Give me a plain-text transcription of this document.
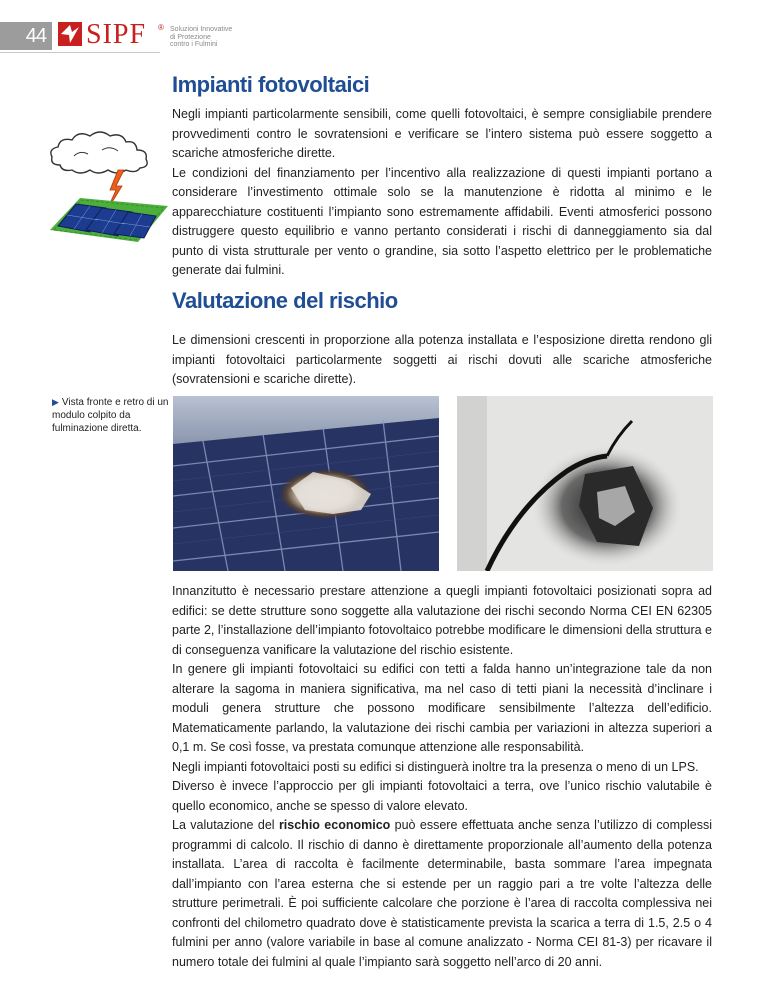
44 SIPF ® Soluzioni Innovative
di Protezione
contro i Fulmini
Impianti fotovoltaici

Negli impianti particolarmente sensibili, come quelli fotovoltaici, è sempre consigliabile prendere provvedimenti contro le sovratensioni e verificare se l’intero sistema può essere soggetto a scariche atmosferiche dirette.

Le condizioni del finanziamento per l’incentivo alla realizzazione di questi impianti portano a considerare l’investimento ottimale solo se la manutenzione è ridotta al minimo e le apparecchiature costituenti l’impianto sono estremamente affidabili. Eventi atmosferici possono distruggere questo equilibrio e vanno pertanto considerati i rischi di danneggiamento sia dal punto di vista strutturale per vento o grandine, sia sotto l’aspetto elettrico per le problematiche generate dai fulmini.

Valutazione del rischio

Le dimensioni crescenti in proporzione alla potenza installata e l’esposizione diretta rendono gli impianti fotovoltaici particolarmente soggetti ai rischi dovuti alle scariche atmosferiche (sovratensioni e scariche dirette).

▶ Vista fronte e retro di un modulo colpito da fulminazione diretta.

Innanzitutto è necessario prestare attenzione a quegli impianti fotovoltaici posizionati sopra ad edifici: se dette strutture sono soggette alla valutazione dei rischi secondo Norma CEI EN 62305 parte 2, l’installazione dell’impianto fotovoltaico potrebbe modificare le dimensioni della struttura e di conseguenza vanificare la valutazione del rischio esistente.

In genere gli impianti fotovoltaici su edifici con tetti a falda hanno un’integrazione tale da non alterare la sagoma in maniera significativa, ma nel caso di tetti piani la necessità d’inclinare i moduli genera strutture che possono modificare sensibilmente l’altezza dell’edificio. Matematicamente parlando, la valutazione dei rischi cambia per variazioni in altezza superiori a 0,1 m. Se così fosse, va prestata comunque attenzione alle responsabilità.

Negli impianti fotovoltaici posti su edifici si distinguerà inoltre tra la presenza o meno di un LPS.

Diverso è invece l’approccio per gli impianti fotovoltaici a terra, ove l’unico rischio valutabile è quello economico, anche se spesso di valore elevato.

La valutazione del rischio economico può essere effettuata anche senza l’utilizzo di complessi programmi di calcolo. Il rischio di danno è direttamente proporzionale all’aumento della potenza installata. L’area di raccolta è facilmente determinabile, basta sommare l’area impegnata dall’impianto con l’area esterna che si estende per un raggio pari a tre volte l’altezza delle strutture perimetrali. È poi sufficiente calcolare che porzione è l’area di raccolta complessiva nei confronti del chilometro quadrato dove è statisticamente prevista la scarica a terra di 1.5, 2.5 o 4 fulmini per anno (valore variabile in base al comune analizzato - Norma CEI 81-3) per ricavare il numero totale dei fulmini al quale l’impianto sarà soggetto nell’arco di 20 anni.
